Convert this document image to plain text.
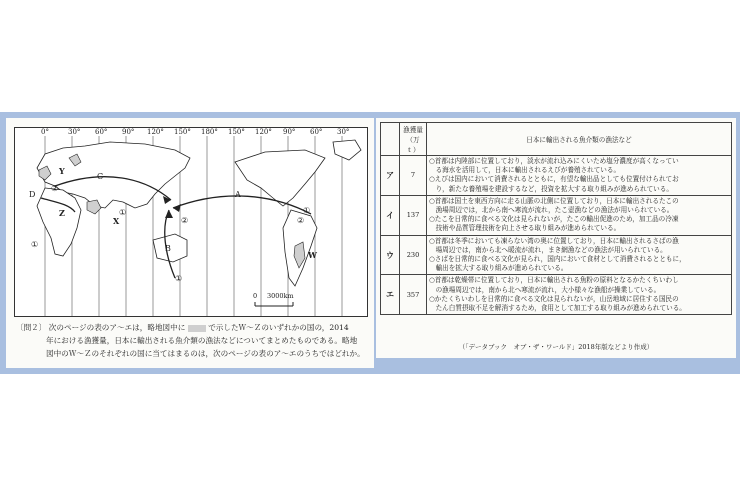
0°	30° 60° 90° 120° 150° 180° 150° 120° 90° 60° 30°
W
X
Y
Z
A
B
C
D
①
①
①
①
②
②	②
0 3000km
〔問２〕 次のページの表のア～エは，略地図中に	で示したＷ～Ｚのいずれかの国の，2014
年における漁獲量，日本に輸出される魚介類の漁法などについてまとめたものである。略地
図中のＷ～Ｚのそれぞれの国に当てはまるのは，次のページの表のア～エのうちではどれか。

	漁獲量
（万ｔ）	日本に輸出される魚介類の漁法など
ア	7	○首都は内陸部に位置しており，淡水が流れ込みにくいため塩分濃度が高くなってい
　る海水を活用して，日本に輸出されるえびが養殖されている。
○えびは国内において消費されるとともに，有望な輸出品としても位置付けられてお
　り，新たな養殖場を建設するなど，投資を拡大する取り組みが進められている。

イ	137	○首都は国土を東西方向に走る山脈の北側に位置しており，日本に輸出されるたこの
　漁場周辺では，北から南へ寒流が流れ，たこ壺漁などの漁法が用いられている。
○たこを日常的に食べる文化は見られないが，たこの輸出促進のため，加工品の冷凍
　技術や品質管理技術を向上させる取り組みが進められている。

ウ	230	○首都は冬季においても凍らない湾の奥に位置しており，日本に輸出されるさばの漁
　場周辺では，南から北へ暖流が流れ，まき網漁などの漁法が用いられている。
○さばを日常的に食べる文化が見られ，国内において食材として消費されるとともに，
　輸出を拡大する取り組みが進められている。

エ	357	○首都は乾燥帯に位置しており，日本に輸出される魚粉の原料となるかたくちいわし
　の漁場周辺では，南から北へ寒流が流れ，大小様々な漁船が操業している。
○かたくちいわしを日常的に食べる文化は見られないが，山岳地域に居住する国民の
　たん白質摂取不足を解消するため，食用として加工する取り組みが進められている。
（「データブック　オブ・ザ・ワールド」2018年版などより作成）
